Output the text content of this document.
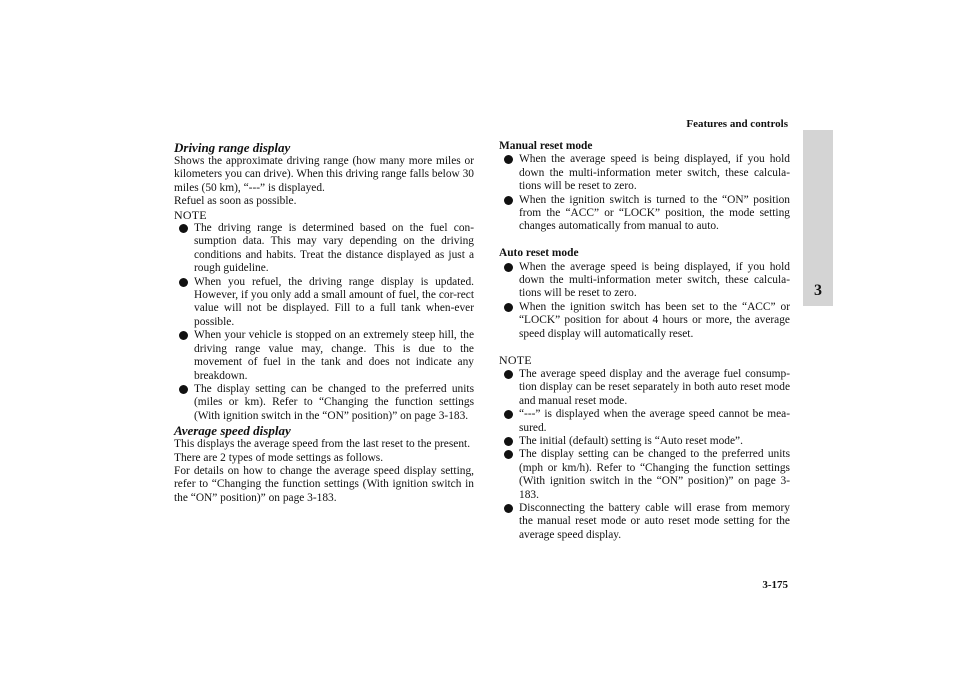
Features and controls
3
Driving range display

Shows the approximate driving range (how many more miles or kilometers you can drive). When this driving range falls below 30 miles (50 km), “---” is displayed.

Refuel as soon as possible.

NOTE
The driving range is determined based on the fuel con-sumption data. This may vary depending on the driving conditions and habits. Treat the distance displayed as just a rough guideline.
When you refuel, the driving range display is updated. However, if you only add a small amount of fuel, the cor-rect value will not be displayed. Fill to a full tank when-ever possible.
When your vehicle is stopped on an extremely steep hill, the driving range value may, change. This is due to the movement of fuel in the tank and does not indicate any breakdown.
The display setting can be changed to the preferred units (miles or km). Refer to “Changing the function settings (With ignition switch in the “ON” position)” on page 3-183.
Average speed display

This displays the average speed from the last reset to the present.

There are 2 types of mode settings as follows.

For details on how to change the average speed display setting, refer to “Changing the function settings (With ignition switch in the “ON” position)” on page 3-183.

Manual reset mode
When the average speed is being displayed, if you hold down the multi-information meter switch, these calcula-tions will be reset to zero.
When the ignition switch is turned to the “ON” position from the “ACC” or “LOCK” position, the mode setting changes automatically from manual to auto.
Auto reset mode
When the average speed is being displayed, if you hold down the multi-information meter switch, these calcula-tions will be reset to zero.
When the ignition switch has been set to the “ACC” or “LOCK” position for about 4 hours or more, the average speed display will automatically reset.
NOTE
The average speed display and the average fuel consump-tion display can be reset separately in both auto reset mode and manual reset mode.
“---” is displayed when the average speed cannot be mea-sured.
The initial (default) setting is “Auto reset mode”.
The display setting can be changed to the preferred units (mph or km/h). Refer to “Changing the function settings (With ignition switch in the “ON” position)” on page 3-183.
Disconnecting the battery cable will erase from memory the manual reset mode or auto reset mode setting for the average speed display.
3-175
